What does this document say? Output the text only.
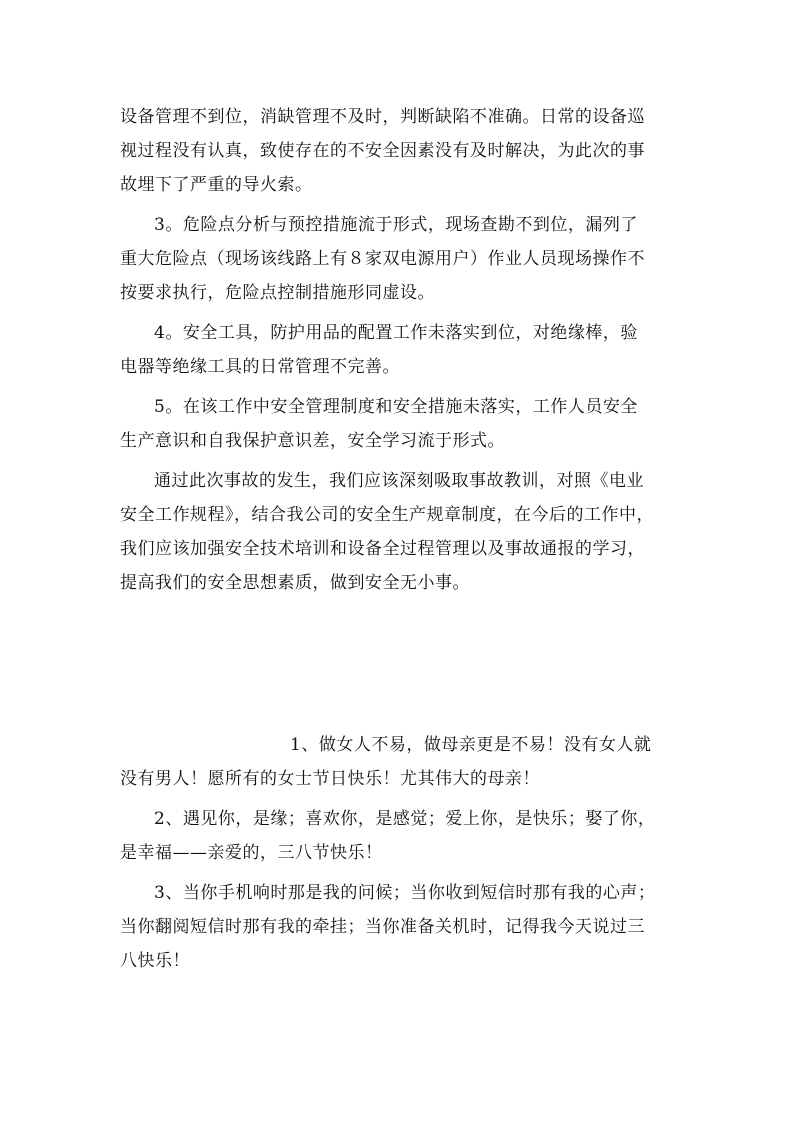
设备管理不到位，消缺管理不及时，判断缺陷不准确。日常的设备巡
视过程没有认真，致使存在的不安全因素没有及时解决，为此次的事
故埋下了严重的导火索。
3。危险点分析与预控措施流于形式，现场查勘不到位，漏列了
重大危险点（现场该线路上有８家双电源用户）作业人员现场操作不
按要求执行，危险点控制措施形同虚设。
4。安全工具，防护用品的配置工作未落实到位，对绝缘棒，验
电器等绝缘工具的日常管理不完善。
5。在该工作中安全管理制度和安全措施未落实，工作人员安全
生产意识和自我保护意识差，安全学习流于形式。
通过此次事故的发生，我们应该深刻吸取事故教训，对照《电业
安全工作规程》，结合我公司的安全生产规章制度，在今后的工作中，
我们应该加强安全技术培训和设备全过程管理以及事故通报的学习，
提高我们的安全思想素质，做到安全无小事。
1、做女人不易，做母亲更是不易！没有女人就
没有男人！愿所有的女士节日快乐！尤其伟大的母亲！
2、遇见你，是缘；喜欢你，是感觉；爱上你，是快乐；娶了你，
是幸福——亲爱的，三八节快乐！
3、当你手机响时那是我的问候；当你收到短信时那有我的心声；
当你翻阅短信时那有我的牵挂；当你准备关机时，记得我今天说过三
八快乐！
